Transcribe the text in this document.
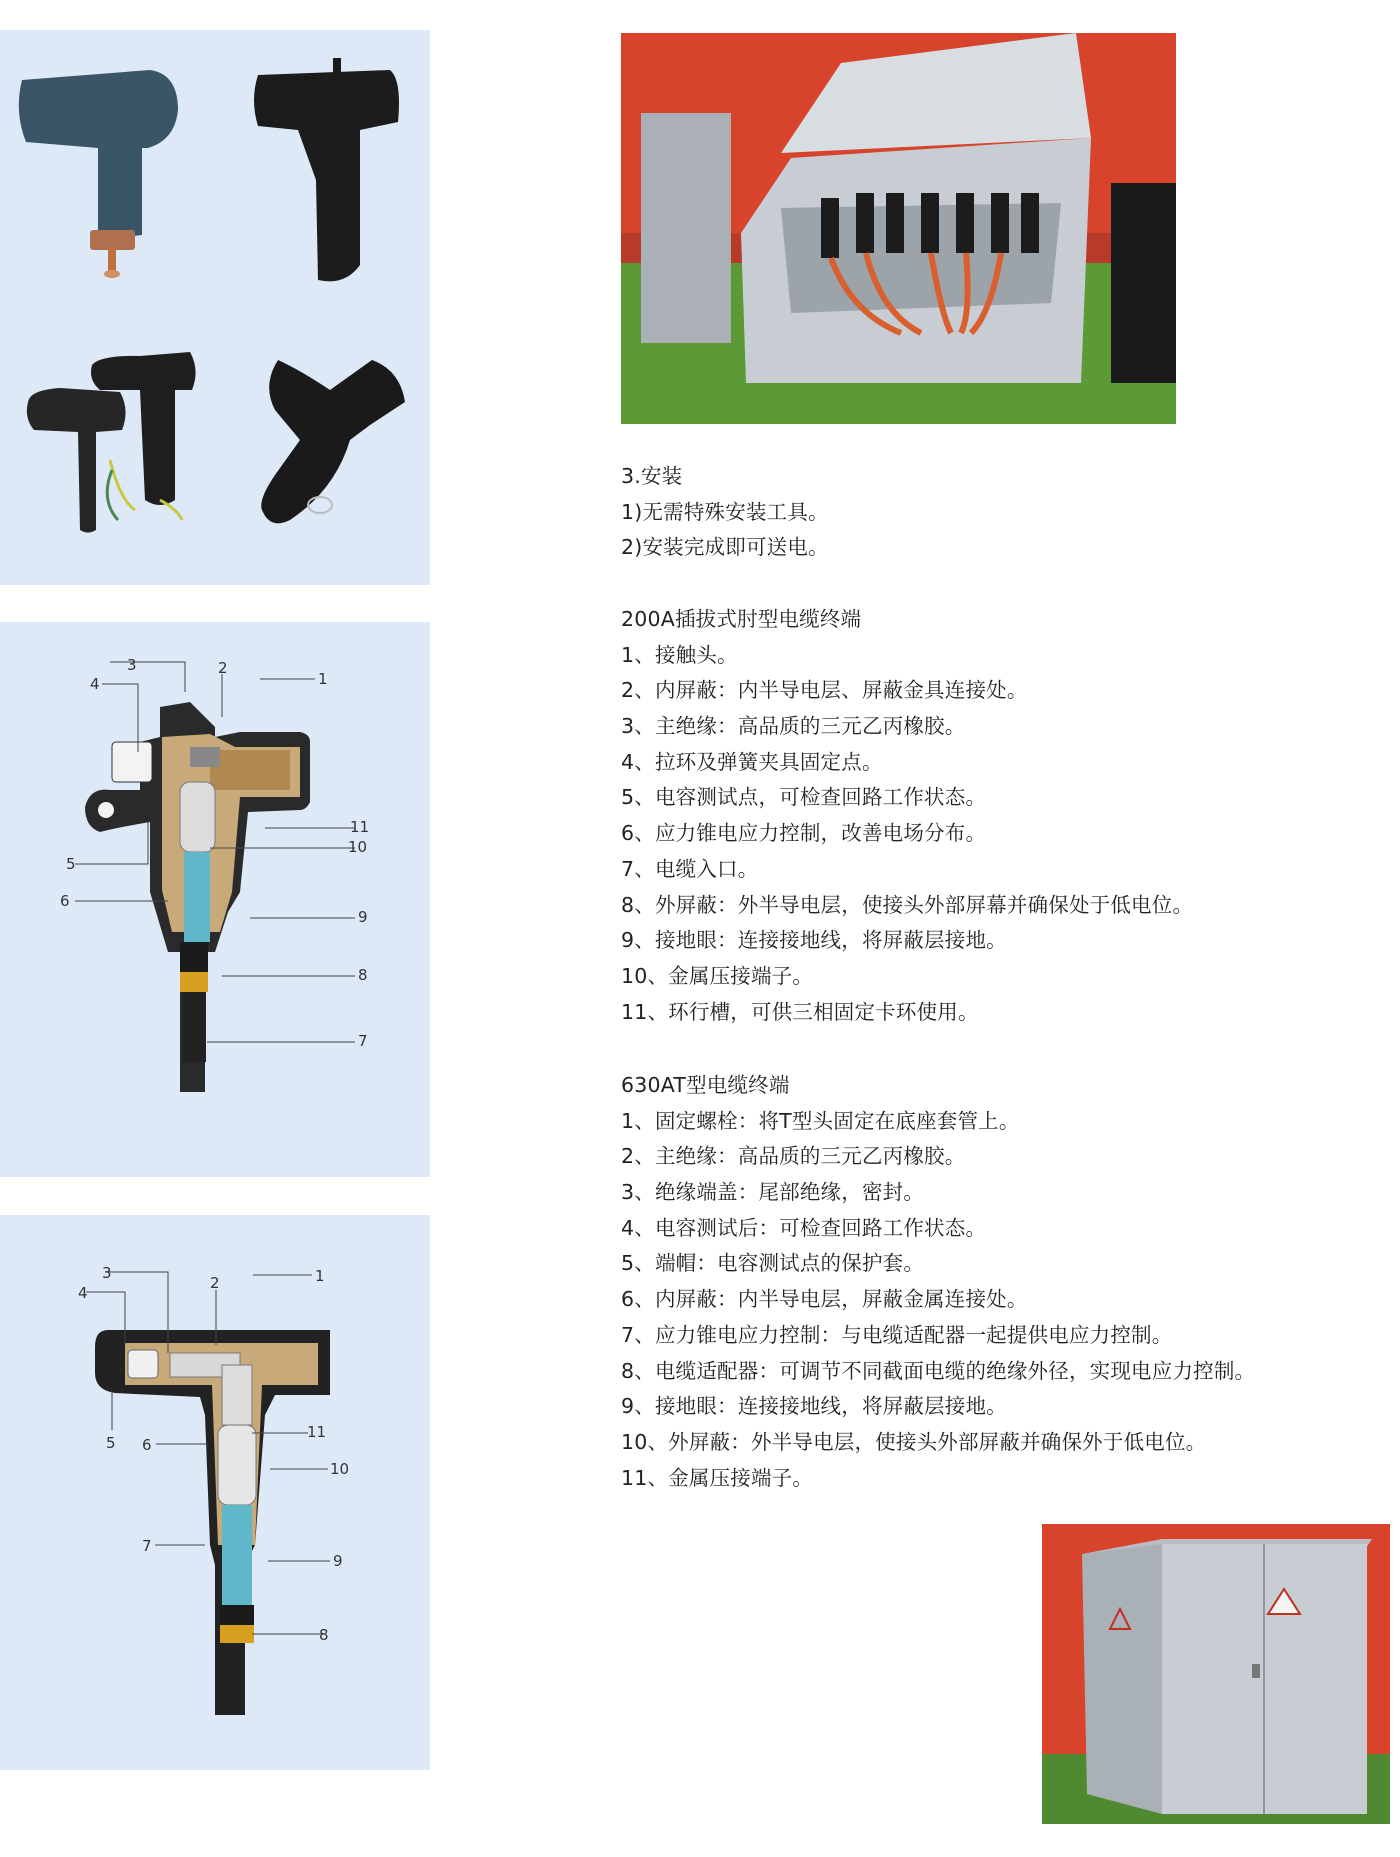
3	2
1
4
5
6
7
8
9
10
11
3
2	1
4
5 6
7
8
9
10
11
3.安装
1)无需特殊安装工具。
2)安装完成即可送电。
200A插拔式肘型电缆终端
1、接触头。
2、内屏蔽：内半导电层、屏蔽金具连接处。
3、主绝缘：高品质的三元乙丙橡胶。
4、拉环及弹簧夹具固定点。
5、电容测试点，可检查回路工作状态。
6、应力锥电应力控制，改善电场分布。
7、电缆入口。
8、外屏蔽：外半导电层，使接头外部屏幕并确保处于低电位。
9、接地眼：连接接地线，将屏蔽层接地。
10、金属压接端子。
11、环行槽，可供三相固定卡环使用。
630AT型电缆终端
1、固定螺栓：将T型头固定在底座套管上。
2、主绝缘：高品质的三元乙丙橡胶。
3、绝缘端盖：尾部绝缘，密封。
4、电容测试后：可检查回路工作状态。
5、端帽：电容测试点的保护套。
6、内屏蔽：内半导电层，屏蔽金属连接处。
7、应力锥电应力控制：与电缆适配器一起提供电应力控制。
8、电缆适配器：可调节不同截面电缆的绝缘外径，实现电应力控制。
9、接地眼：连接接地线，将屏蔽层接地。
10、外屏蔽：外半导电层，使接头外部屏蔽并确保外于低电位。
11、金属压接端子。
